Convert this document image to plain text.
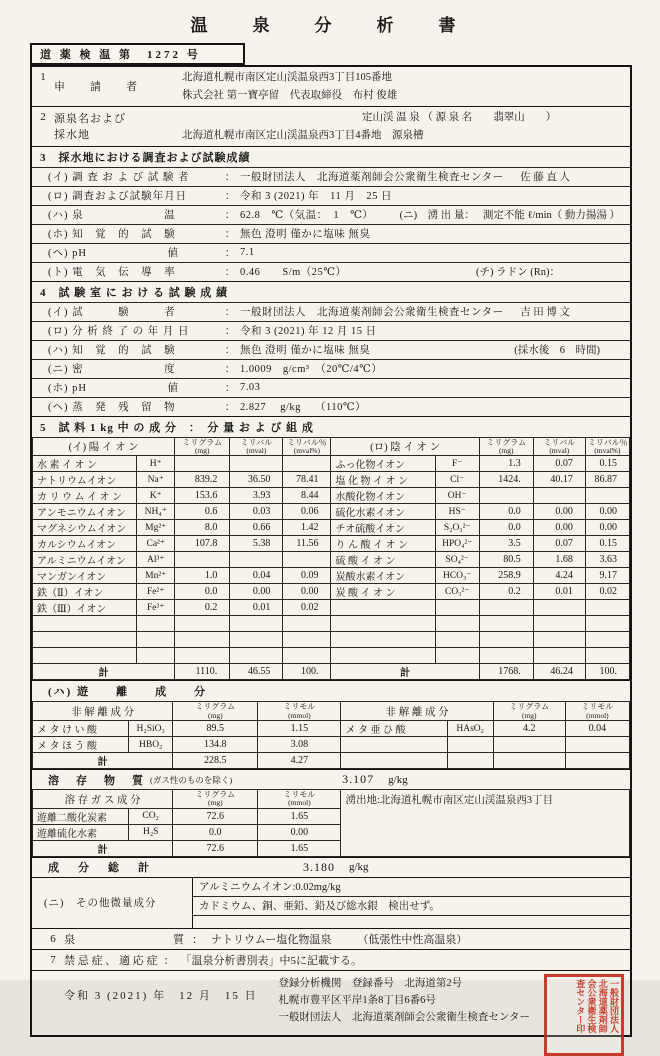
温　泉　分　析　書
道 薬 検 温 第　1272 号
1
申　　請　　者
北海道札幌市南区定山渓温泉西3丁目105番地
株式会社 第一寶亭留　代表取締役　布村 俊雄
2 源泉名および
採水地
定山渓 温 泉 （ 源 泉 名　　翡翠山　　）
北海道札幌市南区定山渓温泉西3丁目4番地　源泉槽
3　 採水地における調査および試験成績
(イ) 調 査 お よ び 試 験 者	： 一般財団法人　北海道薬剤師会公衆衛生検査センター 佐 藤 直 人
(ロ) 調査および試験年月日	： 令和 3 (2021) 年　11 月　25 日
(ハ) 泉　　　　　　　温	： 62.8　℃（気温：　1　℃） (ニ)　湧 出 量： 測定不能 ℓ/min（ 動力揚湯 ）
(ホ) 知　覚　的　試　験	： 無色 澄明 僅かに塩味 無臭
(ヘ) pH　　　　　　　値	： 7.1
(ト) 電　気　伝　導　率	： 0.46　　S/m（25℃）	(チ) ラドン (Rn)：
4　 試 験 室 に お け る 試 験 成 績
(イ) 試　　　験　　　者	： 一般財団法人　北海道薬剤師会公衆衛生検査センター 吉 田 博 文
(ロ) 分 析 終 了 の 年 月 日	： 令和 3 (2021) 年 12 月 15 日
(ハ) 知　覚　的　試　験	： 無色 澄明 僅かに塩味 無臭	(採水後　6　時間)
(ニ) 密　　　　　　　度	： 1.0009　g/cm³　（20℃/4℃）
(ホ) pH　　　　　　　値	： 7.03
(ヘ) 蒸　発　残　留　物	： 2.827　 g/kg　 （110℃）
5　 試 料 1 kg 中 の 成 分　：　分 量 お よ び 組 成
(イ) 陽 イ オ ン		ミリグラム
(mg)	ミリバル
(mval)	ミリバル％
(mval%)	(ロ) 陰 イ オ ン		ミリグラム
(mg)	ミリバル
(mval)	ミリバル％
(mval%)

水 素 イ オ ン	H⁺				ふっ化物イオン	F⁻	1.3	0.07	0.15
ナトリウムイオン	Na⁺	839.2	36.50	78.41	塩 化 物 イ オ ン	Cl⁻	1424.	40.17	86.87
カ リ ウ ム イ オ ン	K⁺	153.6	3.93	8.44	水酸化物イオン	OH⁻			
アンモニウムイオン	NH₄⁺	0.6	0.03	0.06	硫化水素イオン	HS⁻	0.0	0.00	0.00
マグネシウムイオン	Mg²⁺	8.0	0.66	1.42	チオ硫酸イオン	S₂O₃²⁻	0.0	0.00	0.00
カルシウムイオン	Ca²⁺	107.8	5.38	11.56	り ん 酸 イ オ ン	HPO₄²⁻	3.5	0.07	0.15
アルミニウムイオン	Al³⁺				硫 酸 イ オ ン	SO₄²⁻	80.5	1.68	3.63
マンガンイオン	Mn²⁺	1.0	0.04	0.09	炭酸水素イオン	HCO₃⁻	258.9	4.24	9.17
鉄（Ⅱ）イオン	Fe²⁺	0.0	0.00	0.00	炭 酸 イ オ ン	CO₃²⁻	0.2	0.01	0.02
鉄（Ⅲ）イオン	Fe³⁺	0.2	0.01	0.02					

計		1110.	46.55	100.	計		1768.	46.24	100.
(ハ) 遊　　離　　成　　分
非 解 離 成 分		ミリグラム
(mg)	ミリモル
(mmol)	非 解 離 成 分		ミリグラム
(mg)	ミリモル
(mmol)

メ タ け い 酸	H₂SiO₃	89.5	1.15	メ タ 亜 ひ 酸	HAsO₂	4.2	0.04
メ タ ほ う 酸	HBO₂	134.8	3.08				
計		228.5	4.27				
溶　存　物　質 (ガス性のものを除く)	3.107 g/kg
溶 存 ガ ス 成 分		ミリグラム
(mg)	ミリモル
(mmol)	湧出地:北海道札幌市南区定山渓温泉西3丁目
遊離二酸化炭素	CO₂	72.6	1.65	
遊離硫化水素	H₂S	0.0	0.00	
計		72.6	1.65	
成　分　総　計	3.180 g/kg
(ニ)　その他微量成分
アルミニウムイオン:0.02mg/kg
カドミウム、銅、亜鉛、鉛及び総水銀　検出せず。
6 泉	質 ： ナトリウムー塩化物温泉 （低張性中性高温泉）
7 禁 忌 症 、 適 応 症 ： 「温泉分析書別表」中5に記載する。
令和 3 (2021) 年　12 月　15 日
登録分析機関　登録番号　北海道第2号
札幌市豊平区平岸1条8丁目6番6号
一般財団法人　北海道薬剤師会公衆衛生検査センター	一般財団法人
北海道薬剤師
会公衆衛生検
査センター印
